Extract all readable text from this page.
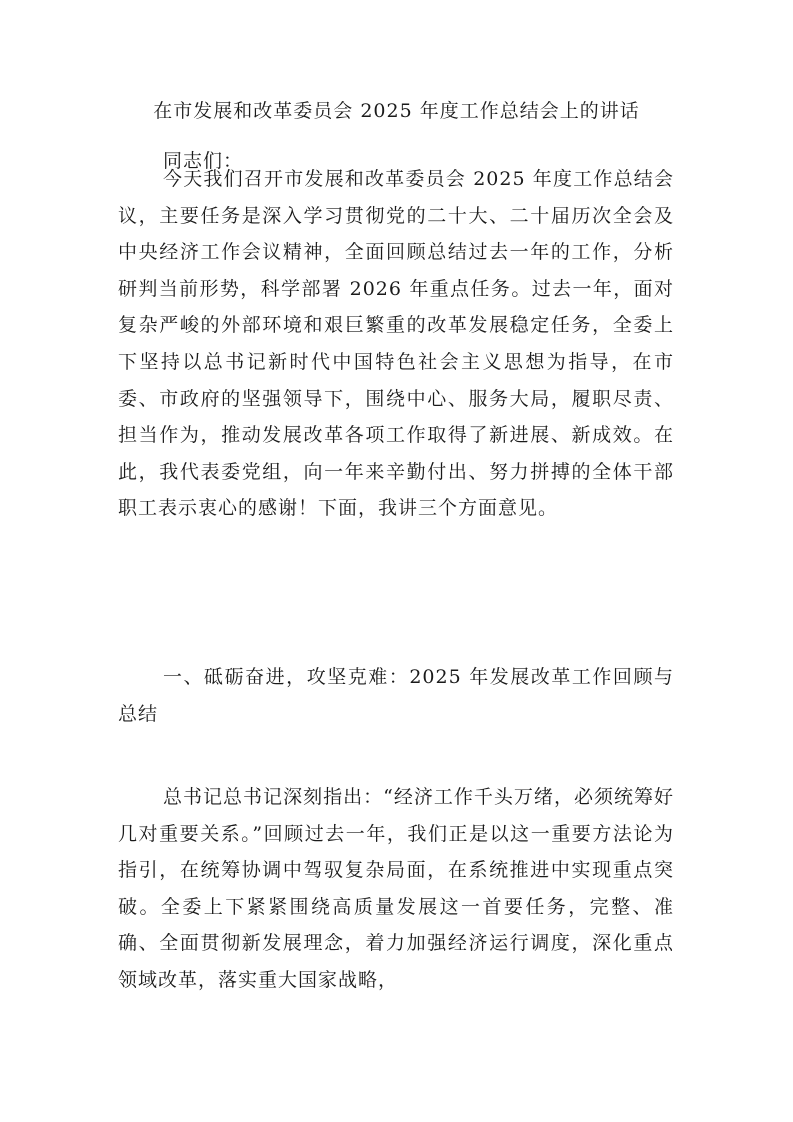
在市发展和改革委员会 2025 年度工作总结会上的讲话
同志们：

今天我们召开市发展和改革委员会 2025 年度工作总结会议，主要任务是深入学习贯彻党的二十大、二十届历次全会及中央经济工作会议精神，全面回顾总结过去一年的工作，分析研判当前形势，科学部署 2026 年重点任务。过去一年，面对复杂严峻的外部环境和艰巨繁重的改革发展稳定任务，全委上下坚持以总书记新时代中国特色社会主义思想为指导，在市委、市政府的坚强领导下，围绕中心、服务大局，履职尽责、担当作为，推动发展改革各项工作取得了新进展、新成效。在此，我代表委党组，向一年来辛勤付出、努力拼搏的全体干部职工表示衷心的感谢！下面，我讲三个方面意见。

一、砥砺奋进，攻坚克难：2025 年发展改革工作回顾与总结

总书记总书记深刻指出：“经济工作千头万绪，必须统筹好几对重要关系。”回顾过去一年，我们正是以这一重要方法论为指引，在统筹协调中驾驭复杂局面，在系统推进中实现重点突破。全委上下紧紧围绕高质量发展这一首要任务，完整、准确、全面贯彻新发展理念，着力加强经济运行调度，深化重点领域改革，落实重大国家战略，
